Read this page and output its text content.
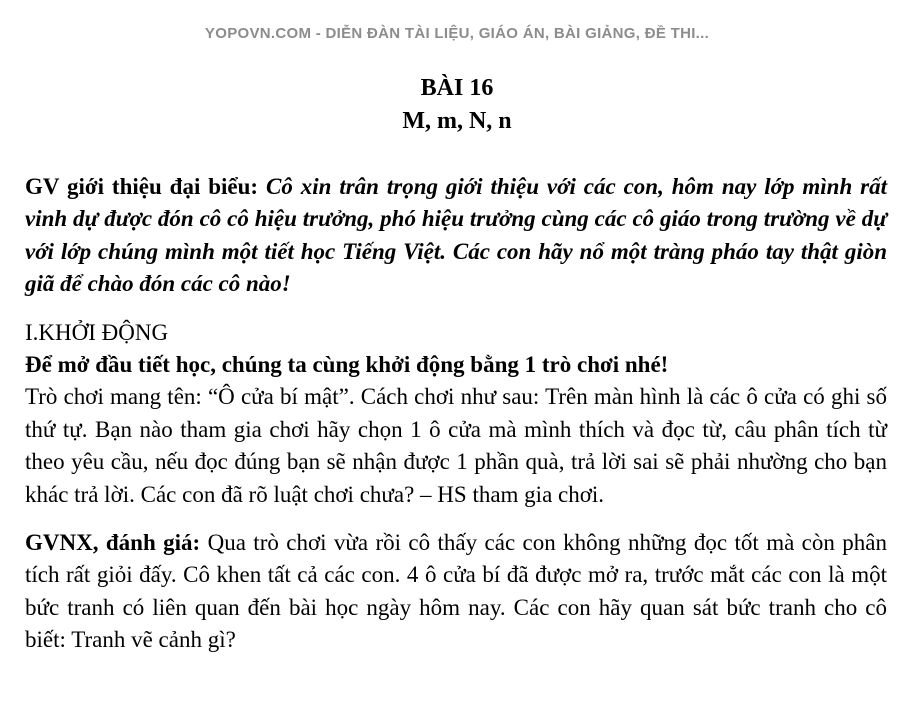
YOPOVN.COM - DIỄN ĐÀN TÀI LIỆU, GIÁO ÁN, BÀI GIẢNG, ĐỀ THI...
BÀI 16
M, m, N, n

GV giới thiệu đại biểu: Cô xin trân trọng giới thiệu với các con, hôm nay lớp mình rất vinh dự được đón cô cô hiệu trưởng, phó hiệu trưởng cùng các cô giáo trong trường về dự với lớp chúng mình một tiết học Tiếng Việt. Các con hãy nổ một tràng pháo tay thật giòn giã để chào đón các cô nào!

I.KHỞI ĐỘNG

Để mở đầu tiết học, chúng ta cùng khởi động bằng 1 trò chơi nhé!

Trò chơi mang tên: “Ô cửa bí mật”. Cách chơi như sau: Trên màn hình là các ô cửa có ghi số thứ tự. Bạn nào tham gia chơi hãy chọn 1 ô cửa mà mình thích và đọc từ, câu phân tích từ theo yêu cầu, nếu đọc đúng bạn sẽ nhận được 1 phần quà, trả lời sai sẽ phải nhường cho bạn khác trả lời. Các con đã rõ luật chơi chưa? – HS tham gia chơi.

GVNX, đánh giá: Qua trò chơi vừa rồi cô thấy các con không những đọc tốt mà còn phân tích rất giỏi đấy. Cô khen tất cả các con. 4 ô cửa bí đã được mở ra, trước mắt các con là một bức tranh có liên quan đến bài học ngày hôm nay. Các con hãy quan sát bức tranh cho cô biết: Tranh vẽ cảnh gì?
